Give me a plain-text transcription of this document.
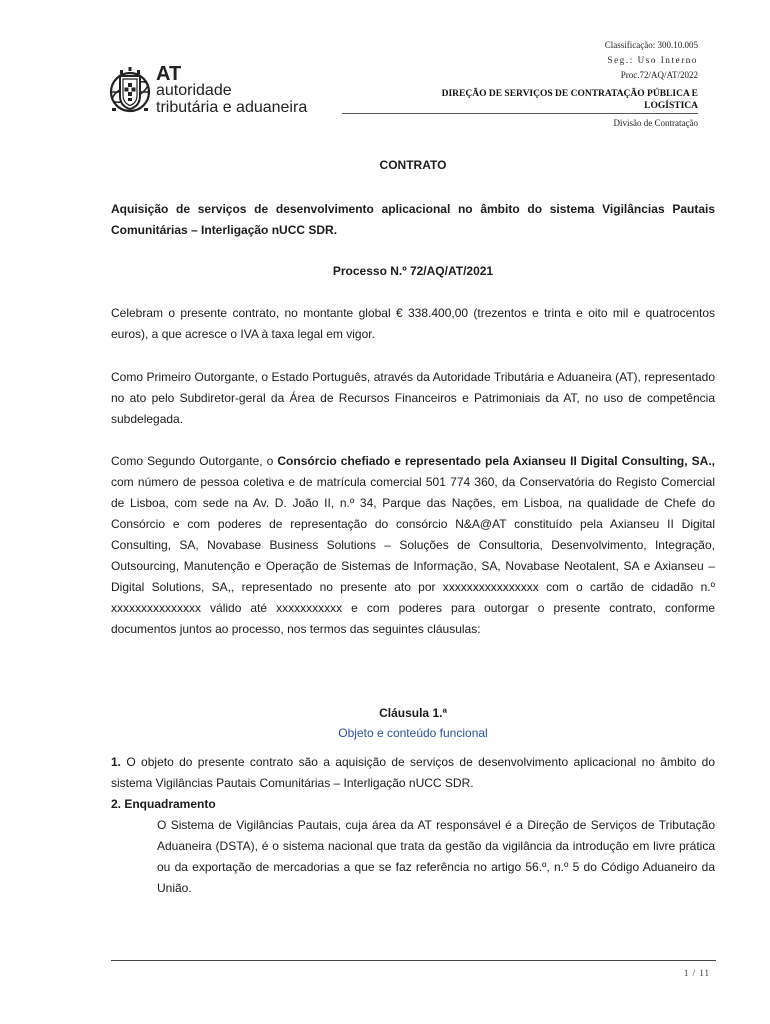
AT
autoridade
tributária e aduaneira
Classificação: 300.10.005
Seg.: Uso Interno
Proc.72/AQ/AT/2022
DIREÇÃO DE SERVIÇOS DE CONTRATAÇÃO PÚBLICA E
LOGÍSTICA
Divisão de Contratação
CONTRATO
Aquisição de serviços de desenvolvimento aplicacional no âmbito do sistema Vigilâncias Pautais Comunitárias – Interligação nUCC SDR.
Processo N.º 72/AQ/AT/2021
Celebram o presente contrato, no montante global € 338.400,00 (trezentos e trinta e oito mil e quatrocentos euros), a que acresce o IVA à taxa legal em vigor.
Como Primeiro Outorgante, o Estado Português, através da Autoridade Tributária e Aduaneira (AT), representado no ato pelo Subdiretor-geral da Área de Recursos Financeiros e Patrimoniais da AT, no uso de competência subdelegada.
Como Segundo Outorgante, o Consórcio chefiado e representado pela Axianseu II Digital Consulting, SA., com número de pessoa coletiva e de matrícula comercial 501 774 360, da Conservatória do Registo Comercial de Lisboa, com sede na Av. D. João II, n.º 34, Parque das Nações, em Lisboa, na qualidade de Chefe do Consórcio e com poderes de representação do consórcio N&A@AT constituído pela Axianseu II Digital Consulting, SA, Novabase Business Solutions – Soluções de Consultoria, Desenvolvimento, Integração, Outsourcing, Manutenção e Operação de Sistemas de Informação, SA, Novabase Neotalent, SA e Axianseu – Digital Solutions, SA,, representado no presente ato por xxxxxxxxxxxxxxxx com o cartão de cidadão n.º xxxxxxxxxxxxxxx válido até xxxxxxxxxxx e com poderes para outorgar o presente contrato, conforme documentos juntos ao processo, nos termos das seguintes cláusulas:
Cláusula 1.ª
Objeto e conteúdo funcional
1. O objeto do presente contrato são a aquisição de serviços de desenvolvimento aplicacional no âmbito do sistema Vigilâncias Pautais Comunitárias – Interligação nUCC SDR.
2. Enquadramento
O Sistema de Vigilâncias Pautais, cuja área da AT responsável é a Direção de Serviços de Tributação Aduaneira (DSTA), é o sistema nacional que trata da gestão da vigilância da introdução em livre prática ou da exportação de mercadorias a que se faz referência no artigo 56.º, n.º 5 do Código Aduaneiro da União.
1 / 11
